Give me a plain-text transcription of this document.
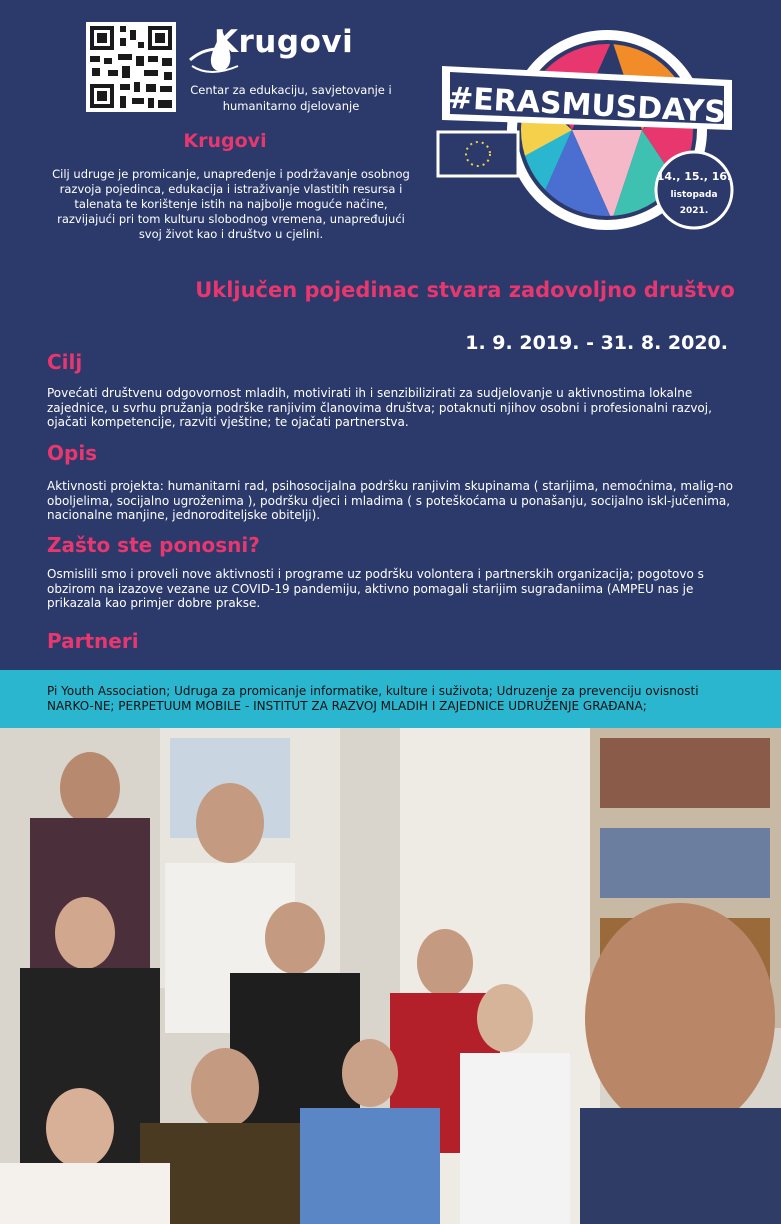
Krugovi
Centar za edukaciju, savjetovanje i humanitarno djelovanje
Krugovi
Cilj udruge je promicanje, unapređenje i podržavanje osobnog razvoja pojedinca, edukacija i istraživanje vlastitih resursa i talenata te korištenje istih na najbolje moguće načine, razvijajući pri tom kulturu slobodnog vremena, unapređujući svoj život kao i društvo u cjelini.
#ERASMUSDAYS
14., 15., 16.
listopada
2021.
Uključen pojedinac stvara zadovoljno društvo
1. 9. 2019. - 31. 8. 2020.
Cilj
Povećati društvenu odgovornost mladih, motivirati ih i senzibilizirati za sudjelovanje u aktivnostima lokalne zajednice, u svrhu pružanja podrške ranjivim članovima društva; potaknuti njihov osobni i profesionalni razvoj, ojačati kompetencije, razviti vještine; te ojačati partnerstva.
Opis
Aktivnosti projekta: humanitarni rad, psihosocijalna podršku ranjivim skupinama ( starijima, nemoćnima, malig-no oboljelima, socijalno ugroženima ), podršku djeci i mladima ( s poteškoćama u ponašanju, socijalno iskl-jučenima, nacionalne manjine, jednoroditeljske obitelji).
Zašto ste ponosni?
Osmislili smo i proveli nove aktivnosti i programe uz podršku volontera i partnerskih organizacija; pogotovo s obzirom na izazove vezane uz COVID-19 pandemiju, aktivno pomagali starijim sugrađaniima (AMPEU nas je prikazala kao primjer dobre prakse.
Partneri
Pi Youth Association; Udruga za promicanje informatike, kulture i suživota; Udruzenje za prevenciju ovisnosti NARKO-NE; PERPETUUM MOBILE - INSTITUT ZA RAZVOJ MLADIH I ZAJEDNICE UDRUŽENJE GRAĐANA;
